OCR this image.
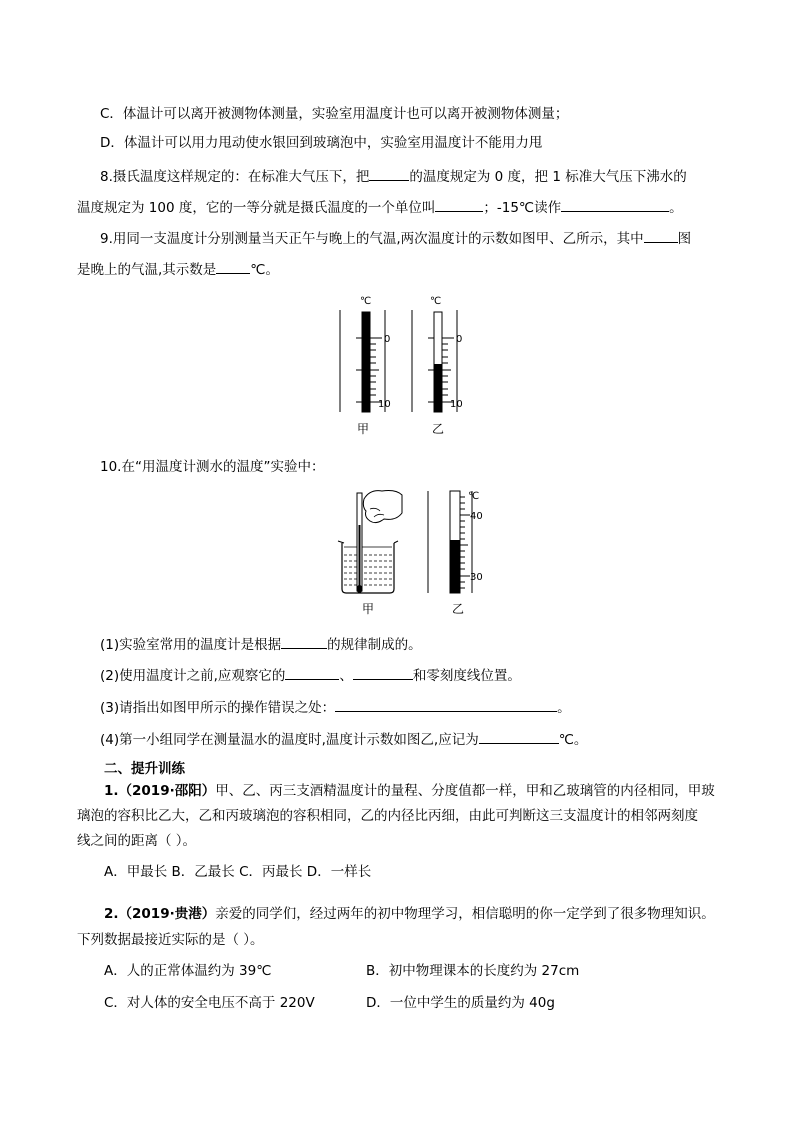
C．体温计可以离开被测物体测量，实验室用温度计也可以离开被测物体测量；
D．体温计可以用力甩动使水银回到玻璃泡中，实验室用温度计不能用力甩
8.摄氏温度这样规定的：在标准大气压下，把	的温度规定为 0 度，把 1 标准大气压下沸水的
温度规定为 100 度，它的一等分就是摄氏温度的一个单位叫	；-15℃读作	。
9.用同一支温度计分别测量当天正午与晚上的气温,两次温度计的示数如图甲、乙所示，其中	图
是晚上的气温,其示数是	℃。
℃
0
10
甲
℃
0
10
乙
10.在“用温度计测水的温度”实验中：
甲
℃
40
30
乙
(1)实验室常用的温度计是根据	的规律制成的。
(2)使用温度计之前,应观察它的	、	和零刻度线位置。
(3)请指出如图甲所示的操作错误之处：	。
(4)第一小组同学在测量温水的温度时,温度计示数如图乙,应记为	℃。
二、提升训练
1.（2019·邵阳）甲、乙、丙三支酒精温度计的量程、分度值都一样，甲和乙玻璃管的内径相同，甲玻
璃泡的容积比乙大，乙和丙玻璃泡的容积相同，乙的内径比丙细，由此可判断这三支温度计的相邻两刻度
线之间的距离（ ）。
A．甲最长 B．乙最长 C．丙最长 D．一样长
2.（2019·贵港）亲爱的同学们，经过两年的初中物理学习，相信聪明的你一定学到了很多物理知识。
下列数据最接近实际的是（ ）。
A．人的正常体温约为 39℃	B．初中物理课本的长度约为 27cm
C．对人体的安全电压不高于 220V	D．一位中学生的质量约为 40g
